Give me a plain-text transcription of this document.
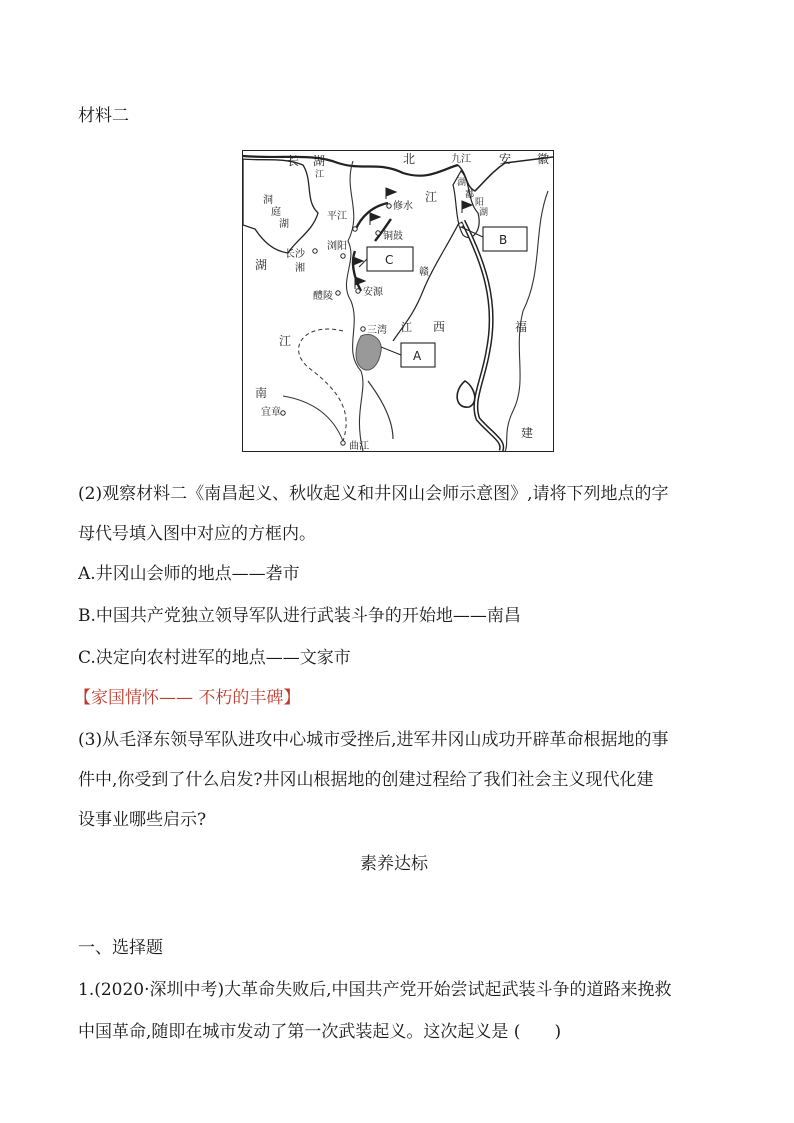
材料二
长 湖	北	九江 安 徽
江
洞
庭
湖
湖
南
江
赣
江 西	福
建
鄱
阳
湖
江
湖
平江
修水
铜鼓
长沙
湘
浏阳
醴陵	安源
三湾
宜章
曲江
A
B
C
(2)观察材料二《南昌起义、秋收起义和井冈山会师示意图》,请将下列地点的字
母代号填入图中对应的方框内。
A.井冈山会师的地点——砻市
B.中国共产党独立领导军队进行武装斗争的开始地——南昌
C.决定向农村进军的地点——文家市
【家国情怀—— 不朽的丰碑】
(3)从毛泽东领导军队进攻中心城市受挫后,进军井冈山成功开辟革命根据地的事
件中,你受到了什么启发?井冈山根据地的创建过程给了我们社会主义现代化建
设事业哪些启示?
素养达标
一、选择题
1.(2020·深圳中考)大革命失败后,中国共产党开始尝试起武装斗争的道路来挽救
中国革命,随即在城市发动了第一次武装起义。这次起义是 (　　)
